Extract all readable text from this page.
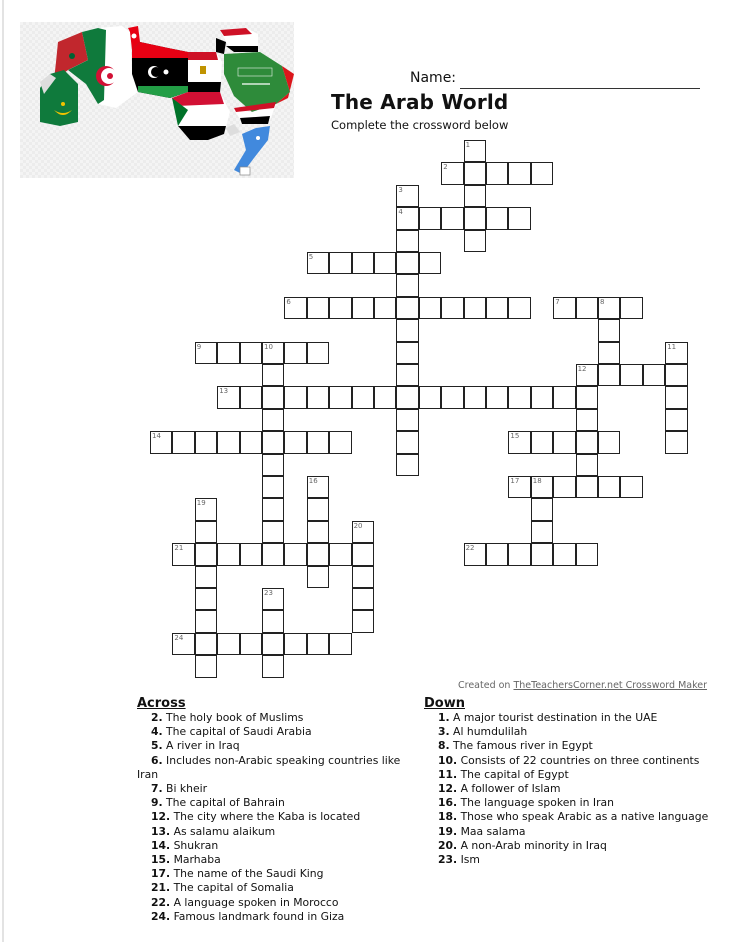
Name:
The Arab World
Complete the crossword below
1
2
3
4
5
6	7	8
9	10	11
12
13
14	15
16	17 18
19
20
21	22
23
24
Created on TheTeachersCorner.net Crossword Maker
Across
2. The holy book of Muslims
4. The capital of Saudi Arabia
5. A river in Iraq
6. Includes non-Arabic speaking countries like Iran
7. Bi kheir
9. The capital of Bahrain
12. The city where the Kaba is located
13. As salamu alaikum
14. Shukran
15. Marhaba
17. The name of the Saudi King
21. The capital of Somalia
22. A language spoken in Morocco
24. Famous landmark found in Giza
Down
1. A major tourist destination in the UAE
3. Al humdulilah
8. The famous river in Egypt
10. Consists of 22 countries on three continents
11. The capital of Egypt
12. A follower of Islam
16. The language spoken in Iran
18. Those who speak Arabic as a native language
19. Maa salama
20. A non-Arab minority in Iraq
23. Ism
